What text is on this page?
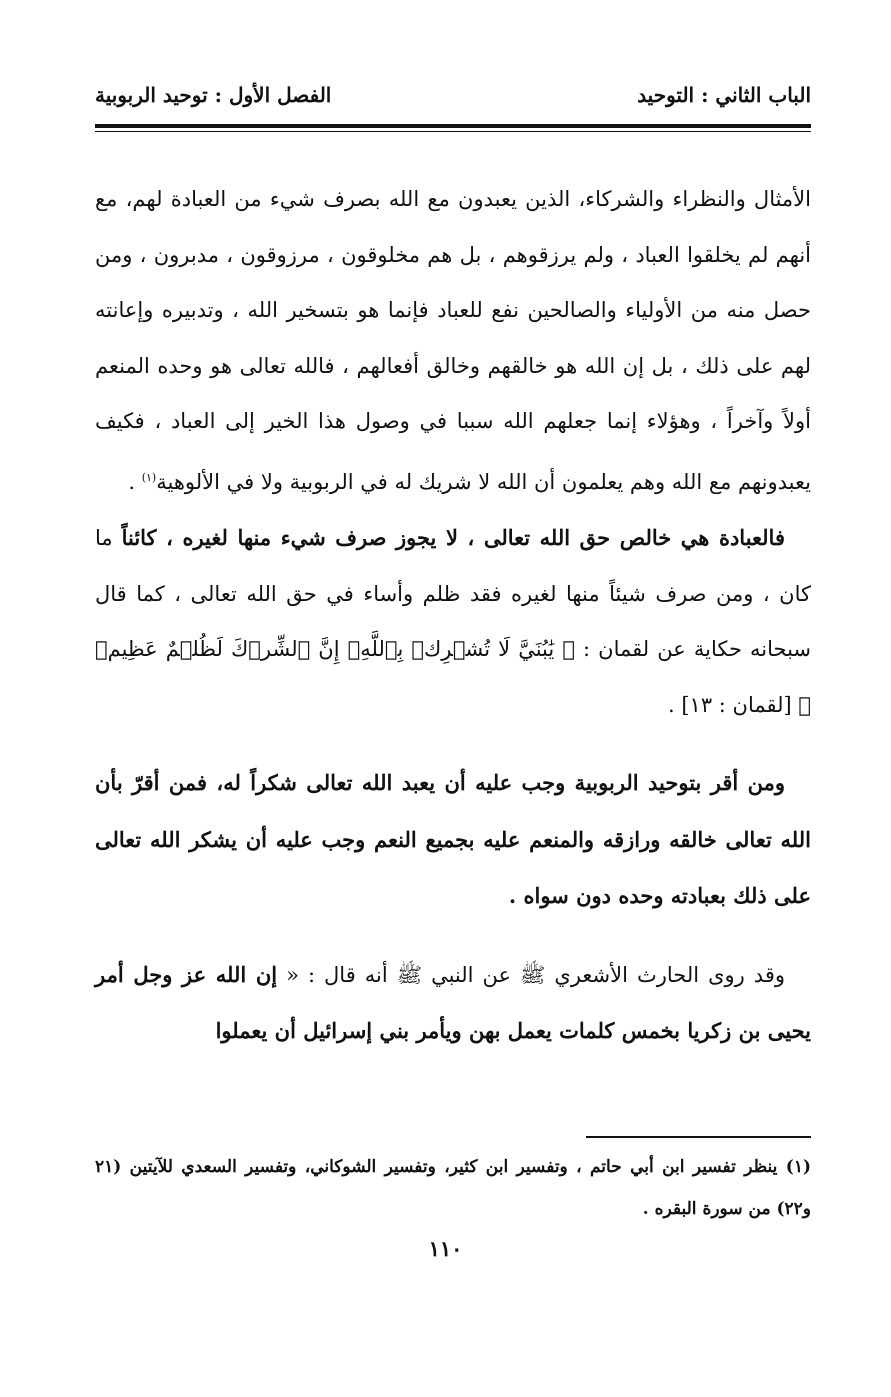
الباب الثاني : التوحيد
الفصل الأول : توحيد الربوبية

الأمثال والنظراء والشركاء، الذين يعبدون مع الله بصرف شيء من العبادة لهم، مع أنهم لم يخلقوا العباد ، ولم يرزقوهم ، بل هم مخلوقون ، مرزوقون ، مدبرون ، ومن حصل منه من الأولياء والصالحين نفع للعباد فإنما هو بتسخير الله ، وتدبيره وإعانته لهم على ذلك ، بل إن الله هو خالقهم وخالق أفعالهم ، فالله تعالى هو وحده المنعم أولاً وآخراً ، وهؤلاء إنما جعلهم الله سببا في وصول هذا الخير إلى العباد ، فكيف يعبدونهم مع الله وهم يعلمون أن الله لا شريك له في الربوبية ولا في الألوهية$^{(١)}$ .

فالعبادة هي خالص حق الله تعالى ، لا يجوز صرف شيء منها لغيره ، كائناً ما كان ، ومن صرف شيئاً منها لغيره فقد ظلم وأساء في حق الله تعالى ، كما قال سبحانه حكاية عن لقمان : ﴿ يَٰبُنَيَّ لَا تُشۡرِكۡ بِٱللَّهِۖ إِنَّ ٱلشِّرۡكَ لَظُلۡمٌ عَظِيمٞ ﴾ [لقمان : ١٣] .

ومن أقر بتوحيد الربوبية وجب عليه أن يعبد الله تعالى شكراً له، فمن أقرّ بأن الله تعالى خالقه ورازقه والمنعم عليه بجميع النعم وجب عليه أن يشكر الله تعالى على ذلك بعبادته وحده دون سواه .

وقد روى الحارث الأشعري ﷺ عن النبي ﷺ أنه قال : « إن الله عز وجل أمر يحيى بن زكريا بخمس كلمات يعمل بهن ويأمر بني إسرائيل أن يعملوا

(١) ينظر تفسير ابن أبي حاتم ، وتفسير ابن كثير، وتفسير الشوكاني، وتفسير السعدي للآيتين (٢١ و٢٢) من سورة البقره .
١١٠
